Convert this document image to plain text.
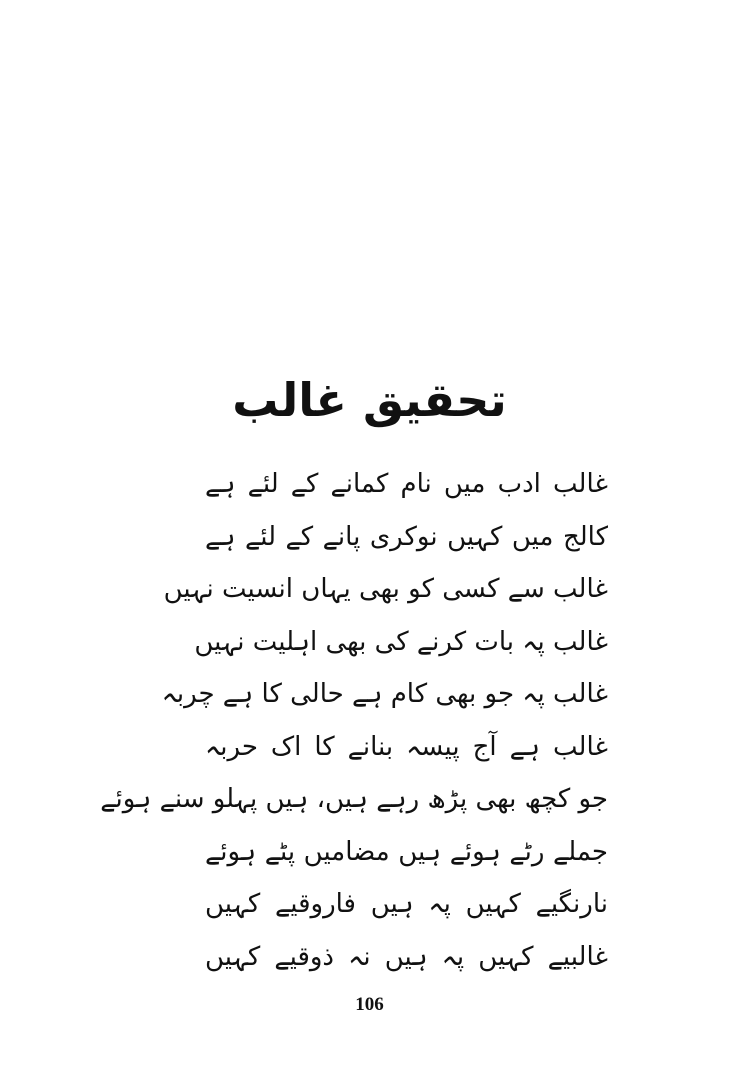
تحقیق غالب
غالب ادب میں نام کمانے کے لئے ہے
کالج میں کہیں نوکری پانے کے لئے ہے
غالب سے کسی کو بھی یہاں انسیت نہیں
غالب پہ بات کرنے کی بھی اہلیت نہیں
غالب پہ جو بھی کام ہے حالی کا ہے چربہ
غالب ہے آج پیسہ بنانے کا اک حربہ
جو کچھ بھی پڑھ رہے ہیں، ہیں پہلو سنے ہوئے
جملے رٹے ہوئے ہیں مضامیں پٹے ہوئے
نارنگیے کہیں پہ ہیں فاروقیے کہیں
غالبیے کہیں پہ ہیں نہ ذوقیے کہیں
106
